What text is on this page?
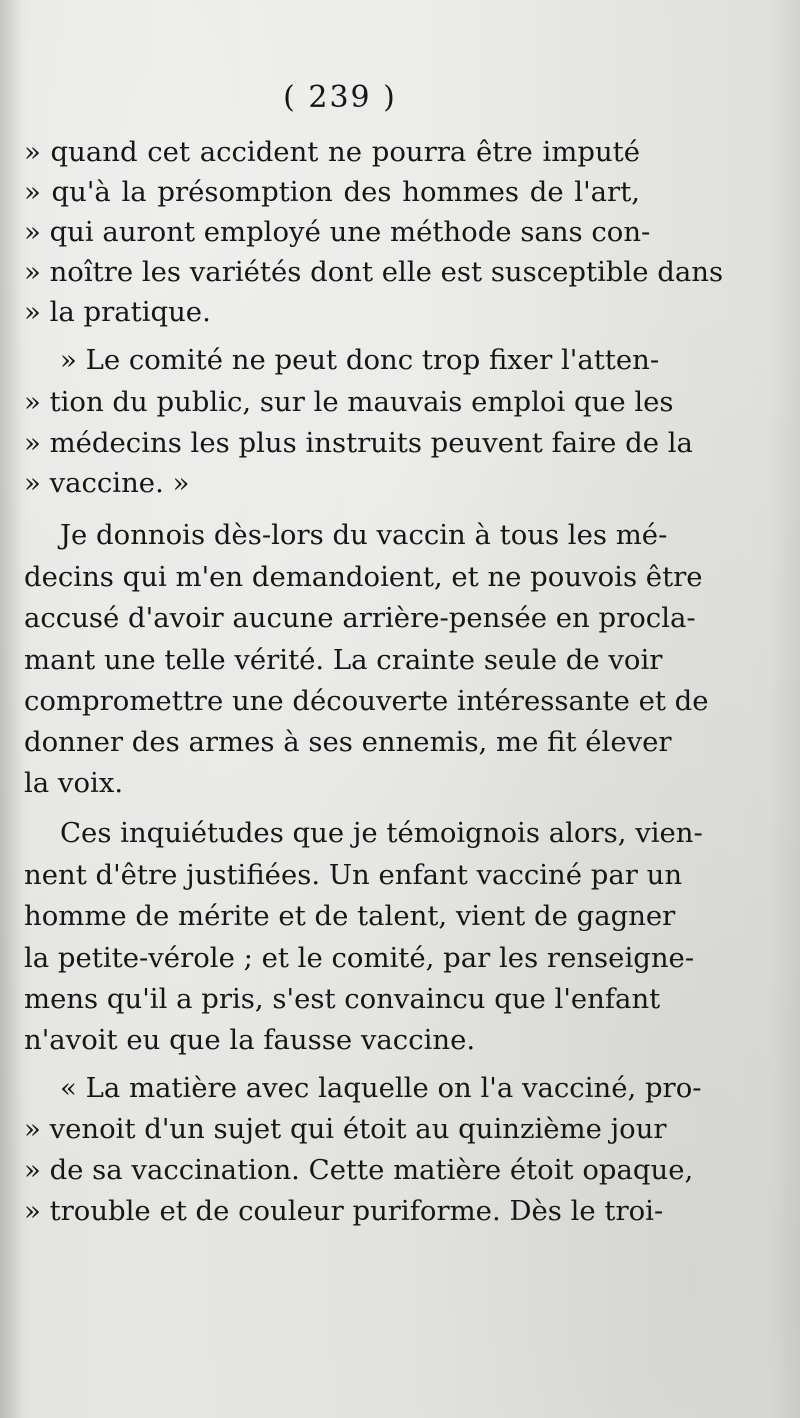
( 239 )
» quand cet accident ne pourra être imputé
» qu'à la présomption des hommes de l'art,
» qui auront employé une méthode sans con-
» noître les variétés dont elle est susceptible dans
» la pratique.
» Le comité ne peut donc trop fixer l'atten-
» tion du public, sur le mauvais emploi que les
» médecins les plus instruits peuvent faire de la
» vaccine. »
Je donnois dès-lors du vaccin à tous les mé-
decins qui m'en demandoient, et ne pouvois être
accusé d'avoir aucune arrière-pensée en procla-
mant une telle vérité. La crainte seule de voir
compromettre une découverte intéressante et de
donner des armes à ses ennemis, me fit élever
la voix.
Ces inquiétudes que je témoignois alors, vien-
nent d'être justifiées. Un enfant vacciné par un
homme de mérite et de talent, vient de gagner
la petite-vérole ; et le comité, par les renseigne-
mens qu'il a pris, s'est convaincu que l'enfant
n'avoit eu que la fausse vaccine.
« La matière avec laquelle on l'a vacciné, pro-
» venoit d'un sujet qui étoit au quinzième jour
» de sa vaccination. Cette matière étoit opaque,
» trouble et de couleur puriforme. Dès le troi-
